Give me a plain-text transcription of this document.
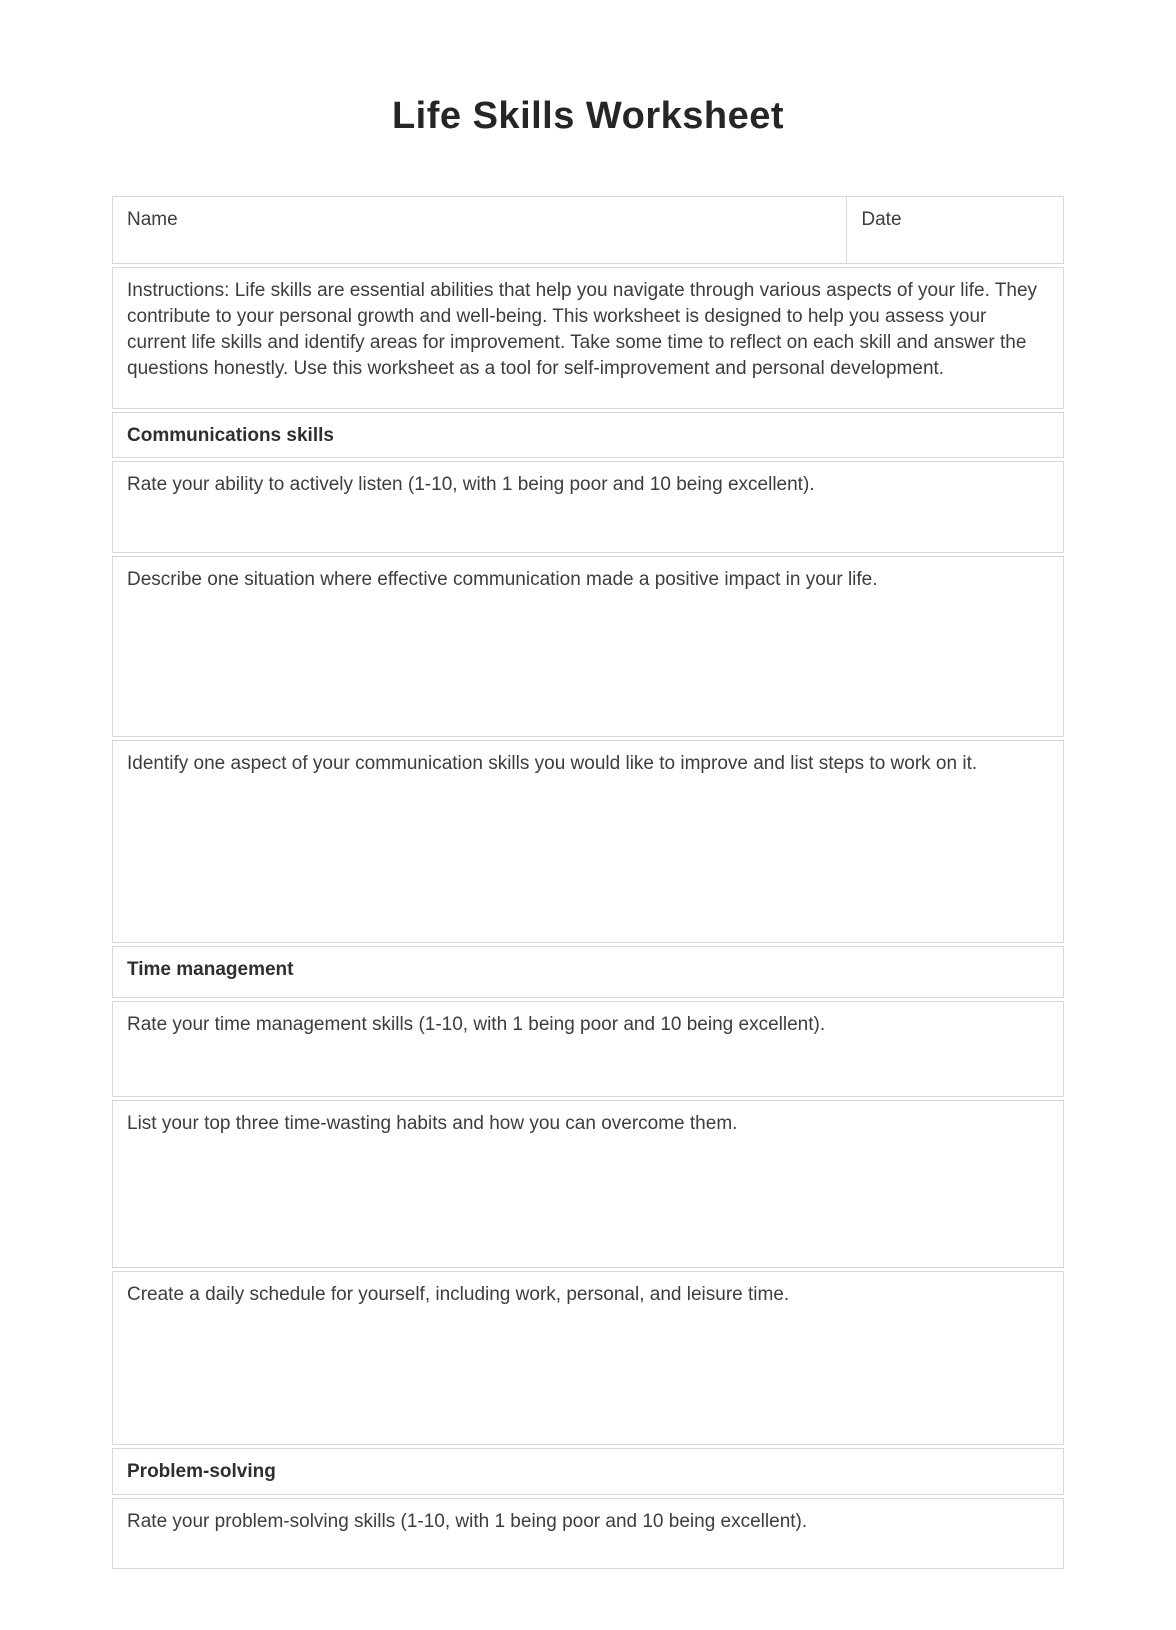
Life Skills Worksheet
Name	Date

Instructions: Life skills are essential abilities that help you navigate through various aspects of your life. They contribute to your personal growth and well-being. This worksheet is designed to help you assess your current life skills and identify areas for improvement. Take some time to reflect on each skill and answer the questions honestly. Use this worksheet as a tool for self-improvement and personal development.

Communications skills

Rate your ability to actively listen (1-10, with 1 being poor and 10 being excellent).

Describe one situation where effective communication made a positive impact in your life.

Identify one aspect of your communication skills you would like to improve and list steps to work on it.

Time management

Rate your time management skills (1-10, with 1 being poor and 10 being excellent).

List your top three time-wasting habits and how you can overcome them.

Create a daily schedule for yourself, including work, personal, and leisure time.

Problem-solving

Rate your problem-solving skills (1-10, with 1 being poor and 10 being excellent).
